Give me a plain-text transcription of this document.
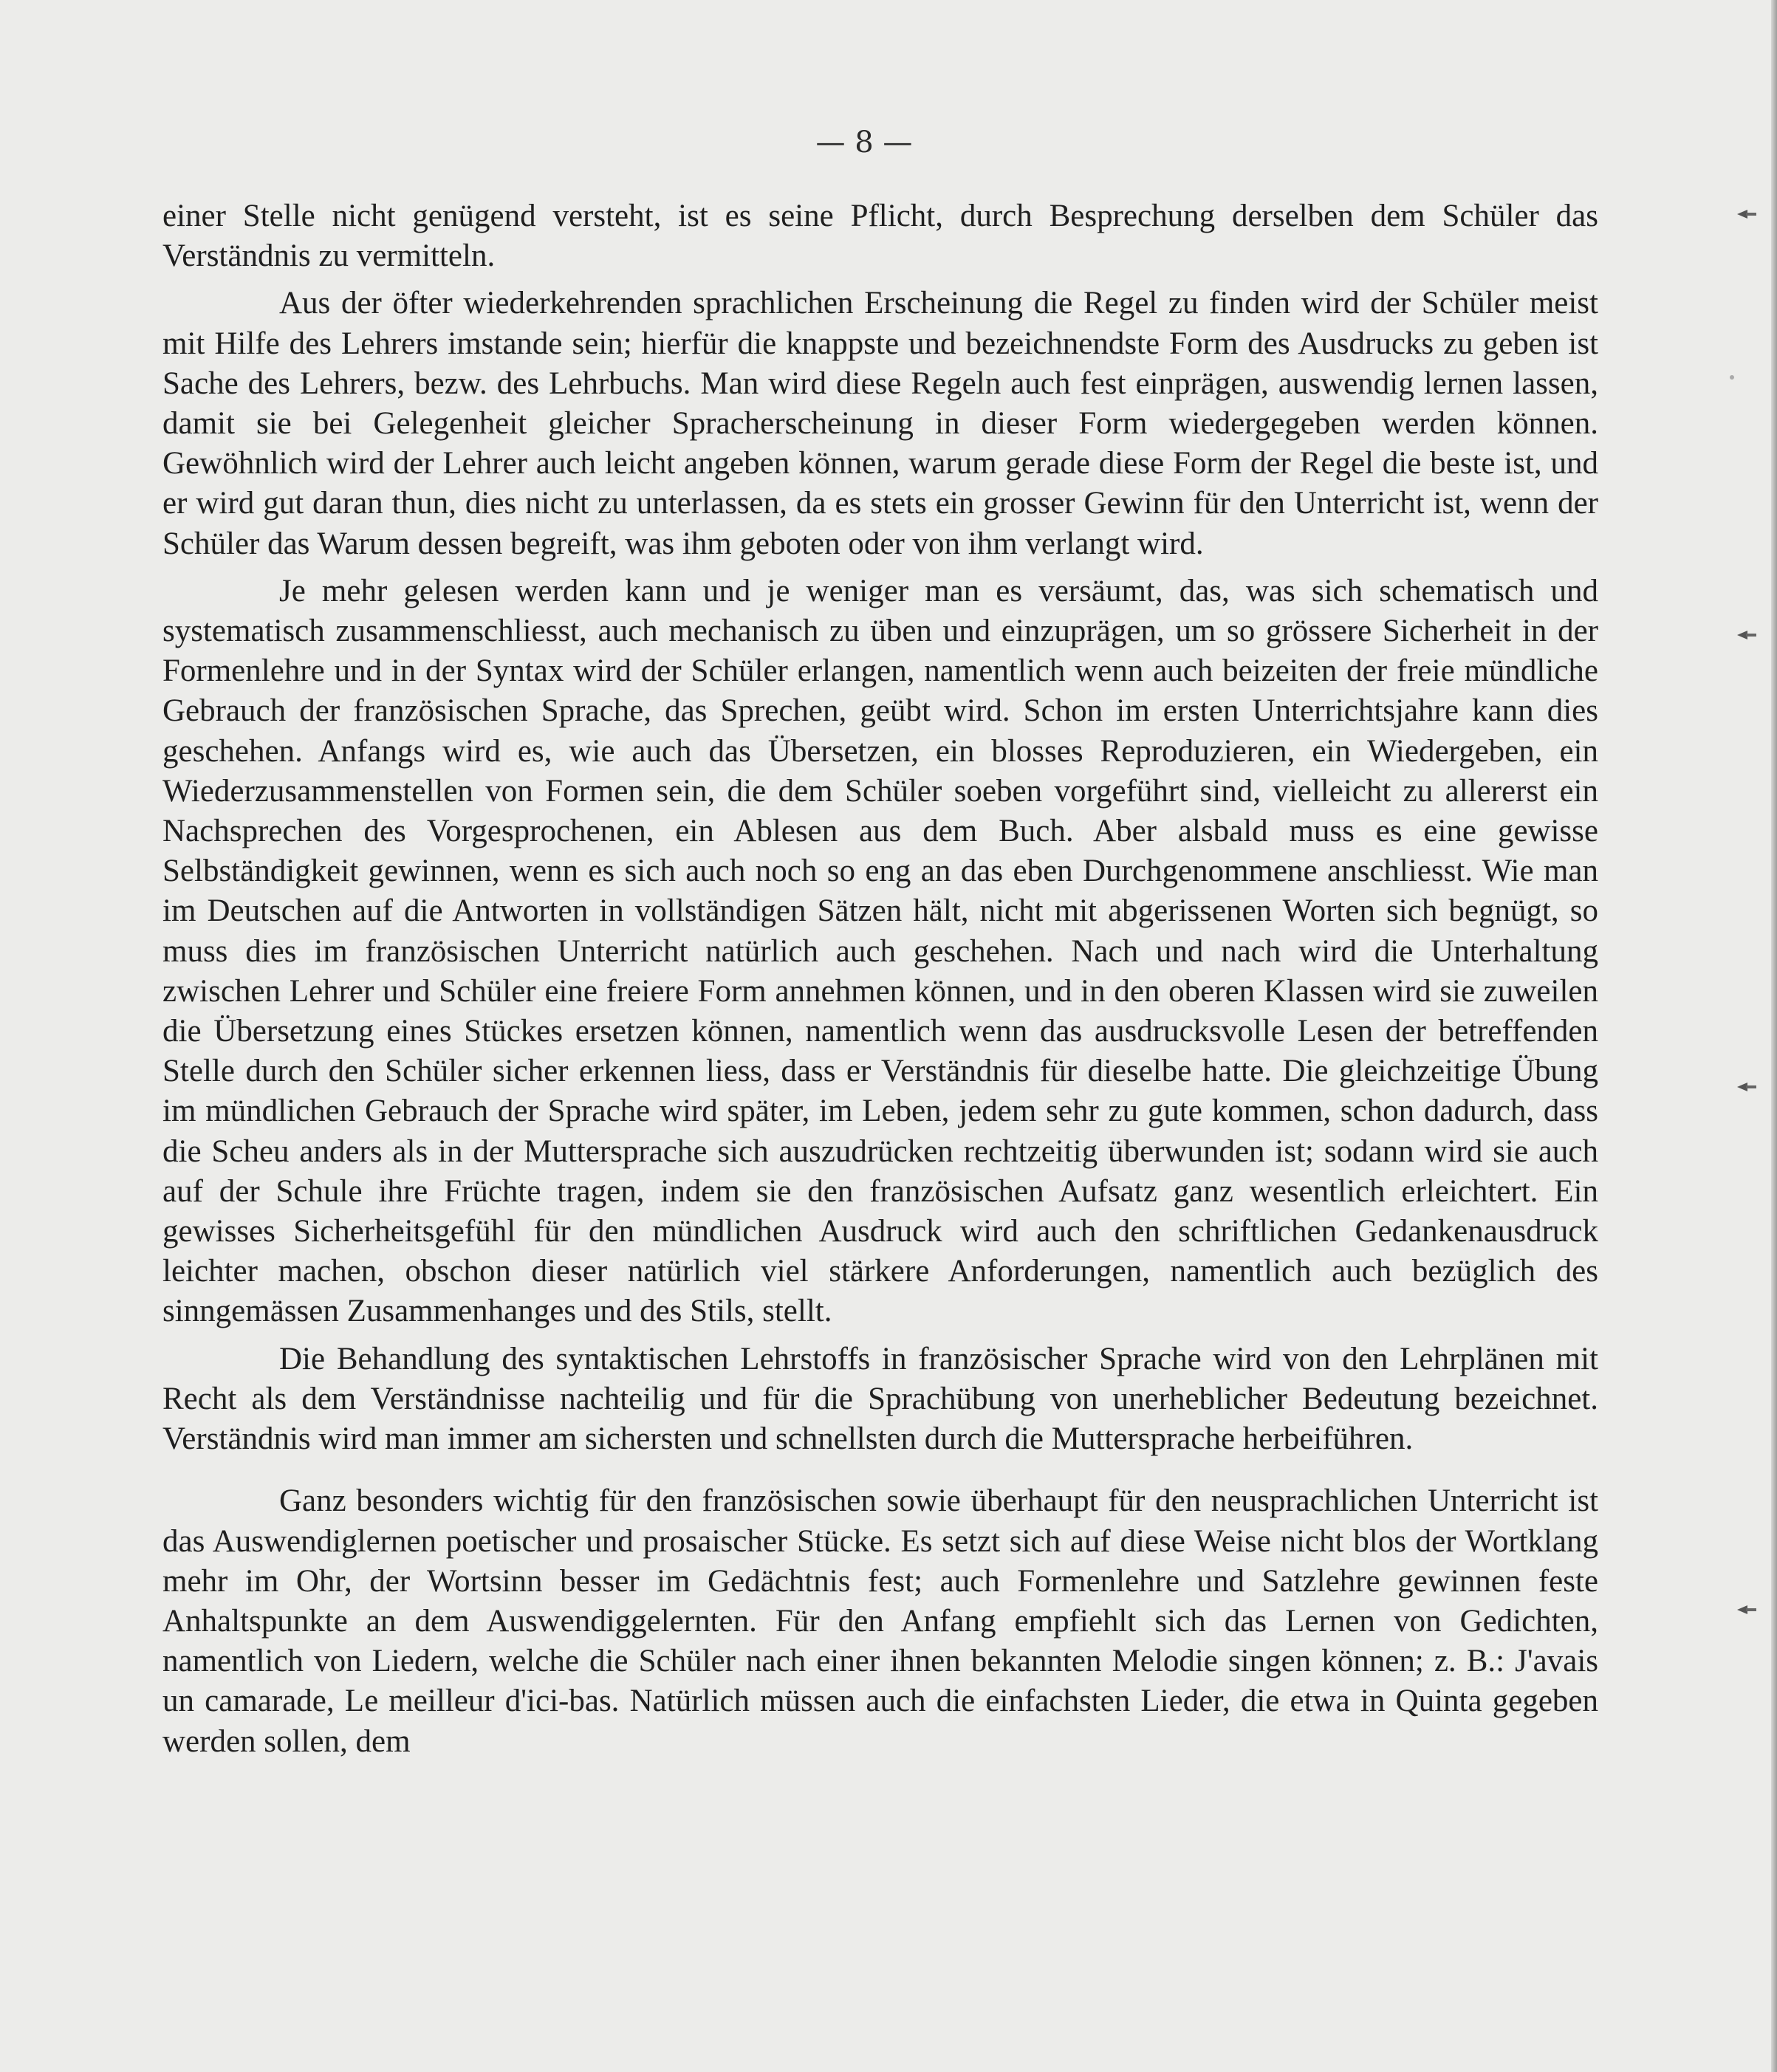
— 8 —

einer Stelle nicht genügend versteht, ist es seine Pflicht, durch Besprechung derselben dem Schüler das Verständnis zu vermitteln.

Aus der öfter wiederkehrenden sprachlichen Erscheinung die Regel zu finden wird der Schüler meist mit Hilfe des Lehrers imstande sein; hierfür die knappste und bezeichnendste Form des Ausdrucks zu geben ist Sache des Lehrers, bezw. des Lehrbuchs. Man wird diese Regeln auch fest einprägen, auswendig lernen lassen, damit sie bei Gelegenheit gleicher Spracherscheinung in dieser Form wiedergegeben werden können. Gewöhnlich wird der Lehrer auch leicht angeben können, warum gerade diese Form der Regel die beste ist, und er wird gut daran thun, dies nicht zu unterlassen, da es stets ein grosser Gewinn für den Unterricht ist, wenn der Schüler das Warum dessen begreift, was ihm geboten oder von ihm verlangt wird.

Je mehr gelesen werden kann und je weniger man es versäumt, das, was sich schematisch und systematisch zusammenschliesst, auch mechanisch zu üben und einzuprägen, um so grössere Sicherheit in der Formenlehre und in der Syntax wird der Schüler erlangen, namentlich wenn auch beizeiten der freie mündliche Gebrauch der französischen Sprache, das Sprechen, geübt wird. Schon im ersten Unterrichtsjahre kann dies geschehen. Anfangs wird es, wie auch das Übersetzen, ein blosses Reproduzieren, ein Wiedergeben, ein Wiederzusammenstellen von Formen sein, die dem Schüler soeben vorgeführt sind, vielleicht zu allererst ein Nachsprechen des Vorgesprochenen, ein Ablesen aus dem Buch. Aber alsbald muss es eine gewisse Selbständigkeit gewinnen, wenn es sich auch noch so eng an das eben Durchgenommene anschliesst. Wie man im Deutschen auf die Antworten in vollständigen Sätzen hält, nicht mit abgerissenen Worten sich begnügt, so muss dies im französischen Unterricht natürlich auch geschehen. Nach und nach wird die Unterhaltung zwischen Lehrer und Schüler eine freiere Form annehmen können, und in den oberen Klassen wird sie zuweilen die Übersetzung eines Stückes ersetzen können, namentlich wenn das ausdrucksvolle Lesen der betreffenden Stelle durch den Schüler sicher erkennen liess, dass er Verständnis für dieselbe hatte. Die gleichzeitige Übung im mündlichen Gebrauch der Sprache wird später, im Leben, jedem sehr zu gute kommen, schon dadurch, dass die Scheu anders als in der Muttersprache sich auszudrücken rechtzeitig überwunden ist; sodann wird sie auch auf der Schule ihre Früchte tragen, indem sie den französischen Aufsatz ganz wesentlich erleichtert. Ein gewisses Sicherheitsgefühl für den mündlichen Ausdruck wird auch den schriftlichen Gedankenausdruck leichter machen, obschon dieser natürlich viel stärkere Anforderungen, namentlich auch bezüglich des sinngemässen Zusammenhanges und des Stils, stellt.

Die Behandlung des syntaktischen Lehrstoffs in französischer Sprache wird von den Lehrplänen mit Recht als dem Verständnisse nachteilig und für die Sprachübung von unerheblicher Bedeutung bezeichnet. Verständnis wird man immer am sichersten und schnellsten durch die Muttersprache herbeiführen.

Ganz besonders wichtig für den französischen sowie überhaupt für den neusprachlichen Unterricht ist das Auswendiglernen poetischer und prosaischer Stücke. Es setzt sich auf diese Weise nicht blos der Wortklang mehr im Ohr, der Wortsinn besser im Gedächtnis fest; auch Formenlehre und Satzlehre gewinnen feste Anhaltspunkte an dem Auswendiggelernten. Für den Anfang empfiehlt sich das Lernen von Gedichten, namentlich von Liedern, welche die Schüler nach einer ihnen bekannten Melodie singen können; z. B.: J'avais un camarade, Le meilleur d'ici-bas. Natürlich müssen auch die einfachsten Lieder, die etwa in Quinta gegeben werden sollen, dem
